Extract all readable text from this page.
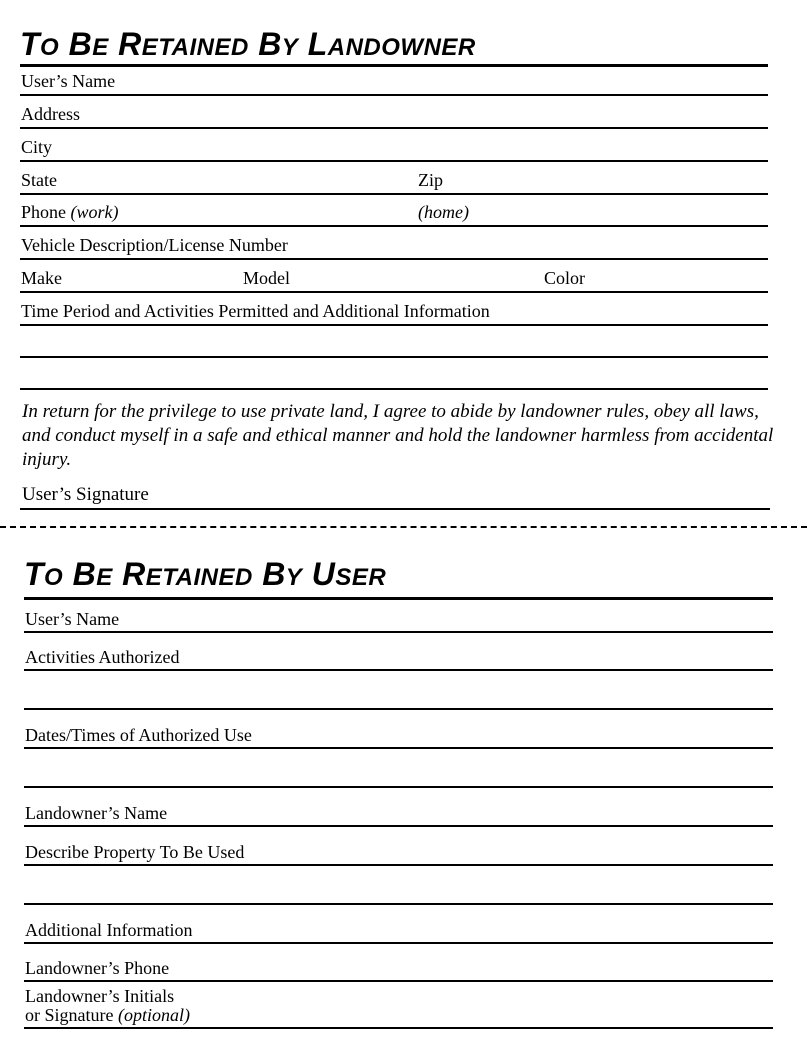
TO BE RETAINED BY LANDOWNER
User’s Name
Address
City
State	Zip
Phone (work)	(home)
Vehicle Description/License Number
Make	Model	Color
Time Period and Activities Permitted and Additional Information

In return for the privilege to use private land, I agree to abide by landowner rules, obey all laws, and conduct myself in a safe and ethical manner and hold the landowner harmless from accidental injury.

User’s Signature
TO BE RETAINED BY USER
User’s Name
Activities Authorized
Dates/Times of Authorized Use
Landowner’s Name
Describe Property To Be Used
Additional Information
Landowner’s Phone
Landowner’s Initials
or Signature (optional)
